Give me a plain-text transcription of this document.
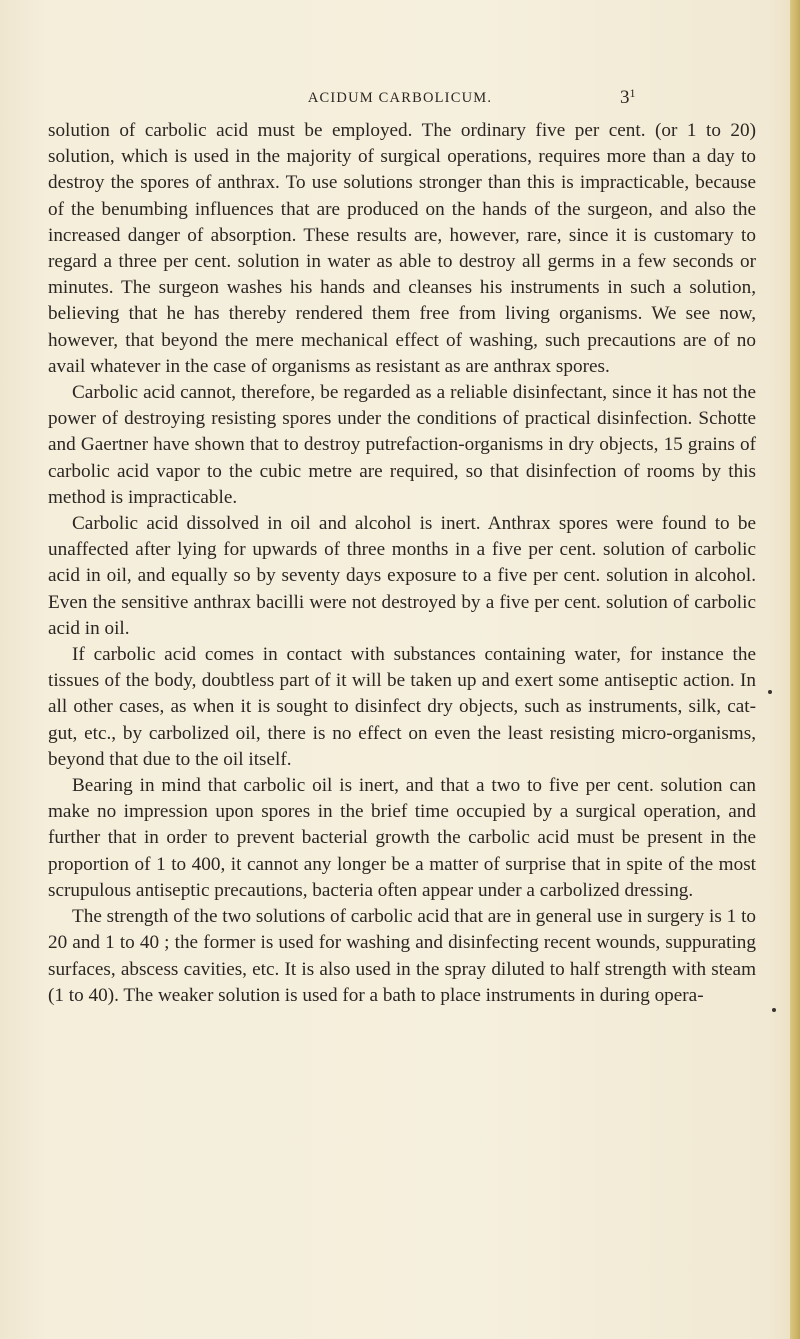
ACIDUM CARBOLICUM.	$3^1$

solution of carbolic acid must be employed. The ordinary five per cent. (or 1 to 20) solution, which is used in the majority of surgical operations, requires more than a day to destroy the spores of anthrax. To use solutions stronger than this is impracticable, because of the benumbing influences that are produced on the hands of the surgeon, and also the increased danger of absorption. These results are, however, rare, since it is customary to regard a three per cent. solution in water as able to destroy all germs in a few seconds or minutes. The surgeon washes his hands and cleanses his instruments in such a solution, believing that he has thereby rendered them free from living organisms. We see now, however, that beyond the mere mechanical effect of washing, such precautions are of no avail whatever in the case of organisms as resistant as are anthrax spores.

Carbolic acid cannot, therefore, be regarded as a reliable disinfectant, since it has not the power of destroying resisting spores under the conditions of practical disinfection. Schotte and Gaertner have shown that to destroy putrefaction-organisms in dry objects, 15 grains of carbolic acid vapor to the cubic metre are required, so that disinfection of rooms by this method is impracticable.

Carbolic acid dissolved in oil and alcohol is inert. Anthrax spores were found to be unaffected after lying for upwards of three months in a five per cent. solution of carbolic acid in oil, and equally so by seventy days exposure to a five per cent. solution in alcohol. Even the sensitive anthrax bacilli were not destroyed by a five per cent. solution of carbolic acid in oil.

If carbolic acid comes in contact with substances containing water, for instance the tissues of the body, doubtless part of it will be taken up and exert some antiseptic action. In all other cases, as when it is sought to disinfect dry objects, such as instruments, silk, cat-gut, etc., by carbolized oil, there is no effect on even the least resisting micro-organisms, beyond that due to the oil itself.

Bearing in mind that carbolic oil is inert, and that a two to five per cent. solution can make no impression upon spores in the brief time occupied by a surgical operation, and further that in order to prevent bacterial growth the carbolic acid must be present in the proportion of 1 to 400, it cannot any longer be a matter of surprise that in spite of the most scrupulous antiseptic precautions, bacteria often appear under a carbolized dressing.

The strength of the two solutions of carbolic acid that are in general use in surgery is 1 to 20 and 1 to 40 ; the former is used for washing and disinfecting recent wounds, suppurating surfaces, abscess cavities, etc. It is also used in the spray diluted to half strength with steam (1 to 40). The weaker solution is used for a bath to place instruments in during opera-
